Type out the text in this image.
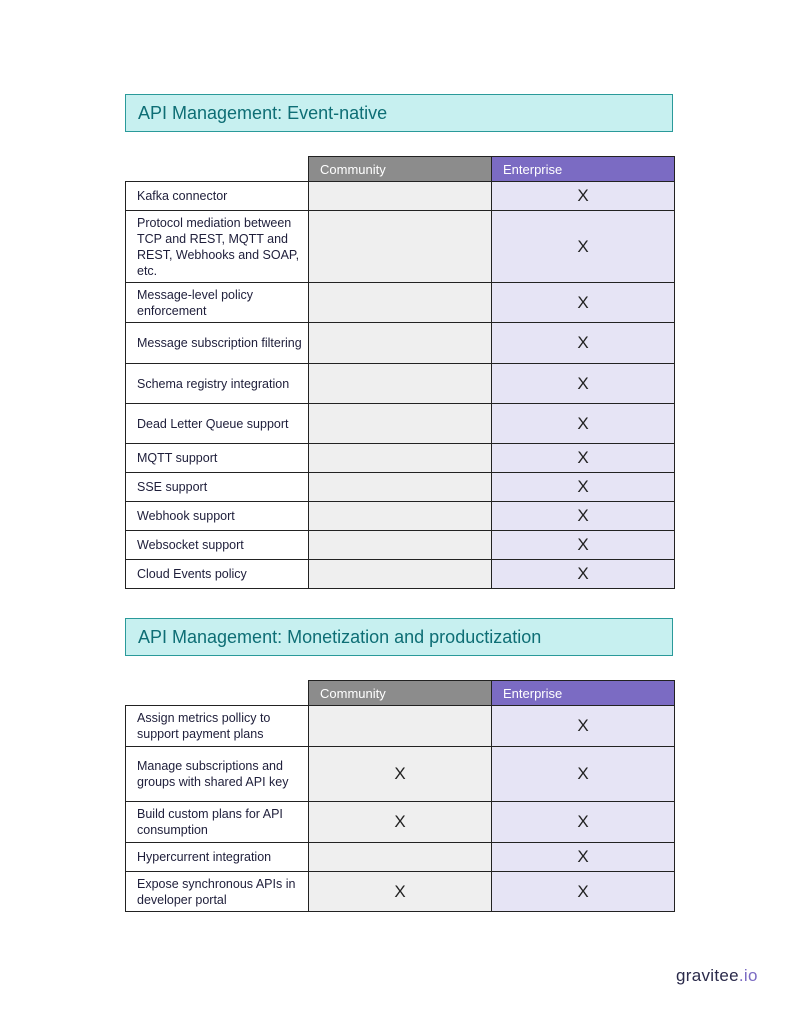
API Management: Event-native
	Community	Enterprise
Kafka connector		X
Protocol mediation between TCP and REST, MQTT and REST, Webhooks and SOAP, etc.		X
Message-level policy enforcement		X
Message subscription filtering		X
Schema registry integration		X
Dead Letter Queue support		X
MQTT support		X
SSE support		X
Webhook support		X
Websocket support		X
Cloud Events policy		X
API Management: Monetization and productization
	Community	Enterprise
Assign metrics pollicy to support payment plans		X
Manage subscriptions and groups with shared API key	X	X
Build custom plans for API consumption	X	X
Hypercurrent integration		X
Expose synchronous APIs in developer portal	X	X
gravitee.io
